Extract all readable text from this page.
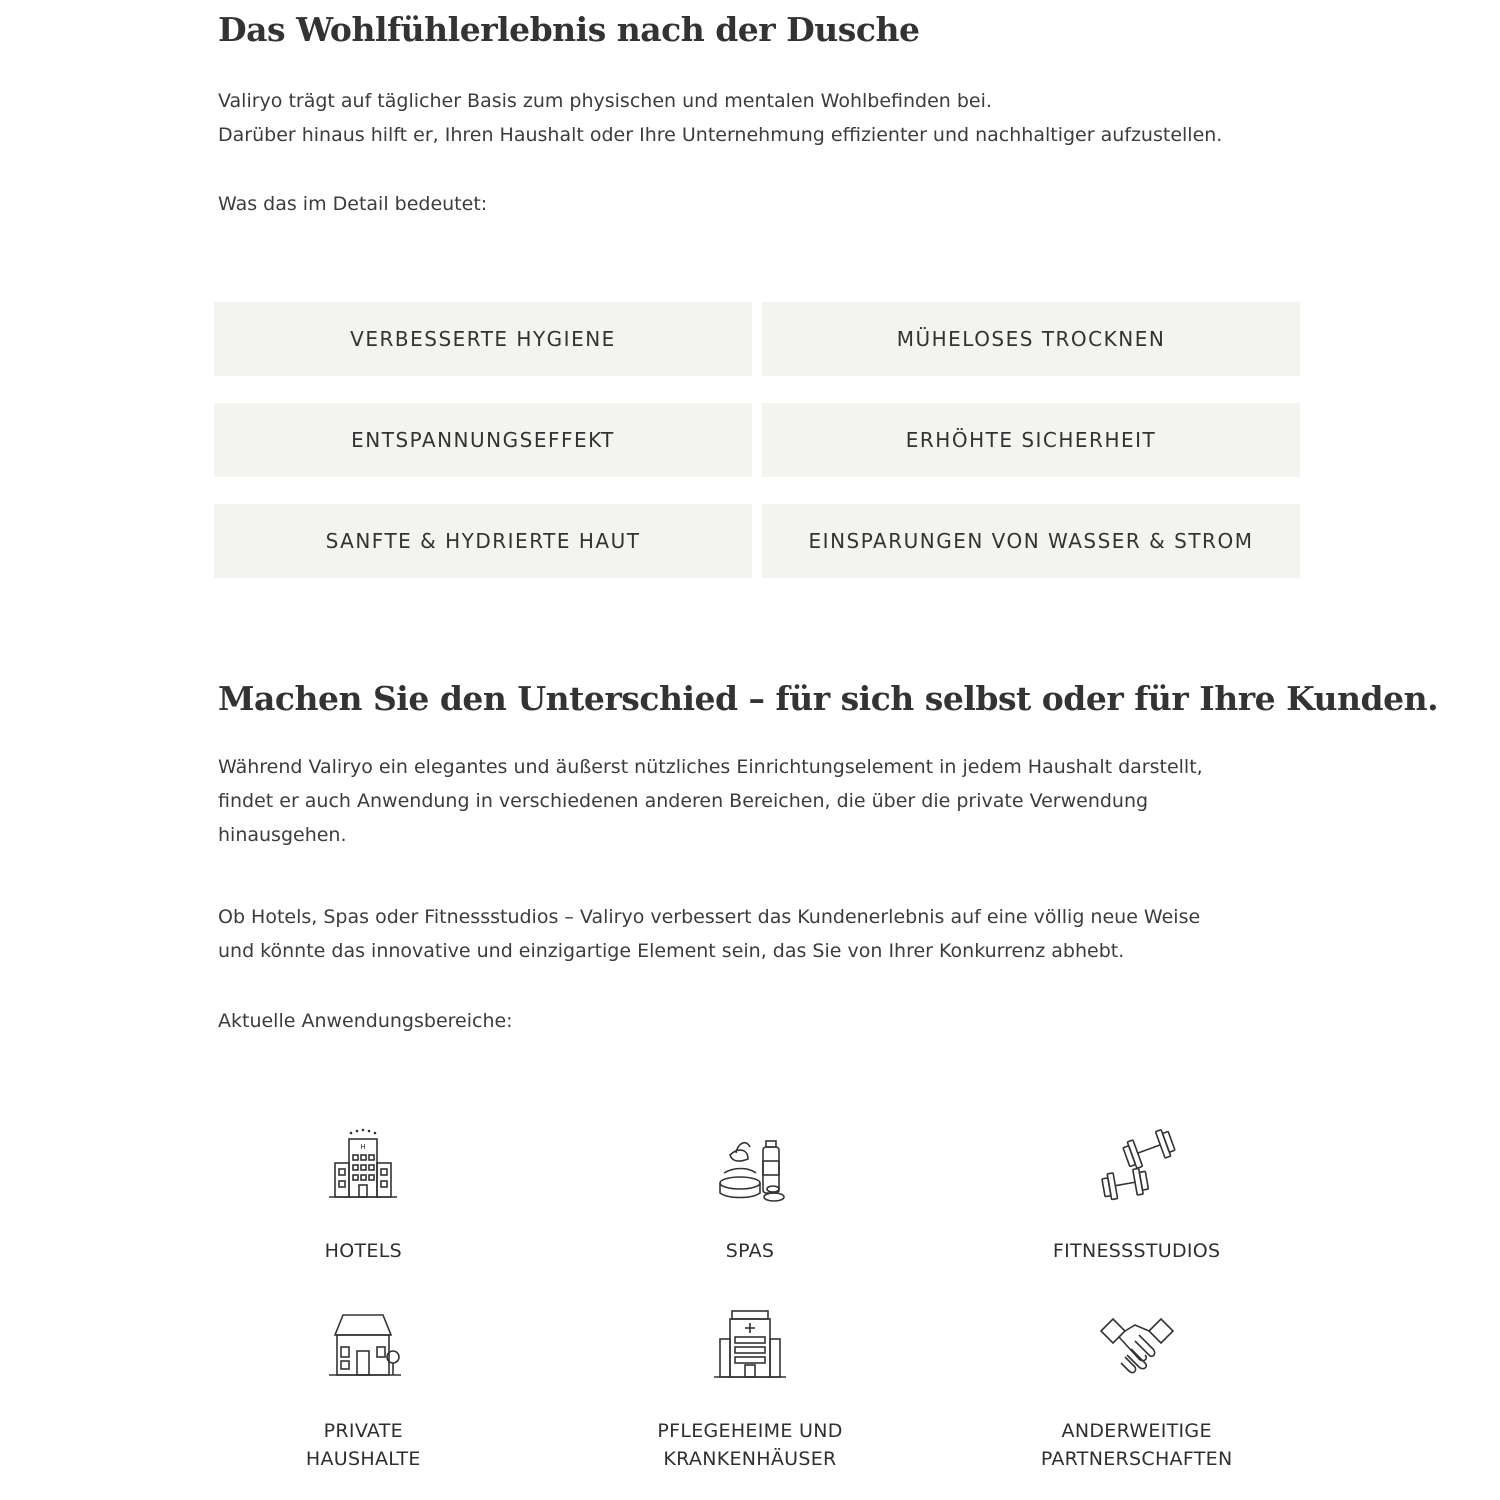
Das Wohlfühlerlebnis nach der Dusche

Valiryo trägt auf täglicher Basis zum physischen und mentalen Wohlbefinden bei.
Darüber hinaus hilft er, Ihren Haushalt oder Ihre Unternehmung effizienter und nachhaltiger aufzustellen.

Was das im Detail bedeutet:

VERBESSERTE HYGIENE	MÜHELOSES TROCKNEN
ENTSPANNUNGSEFFEKT	ERHÖHTE SICHERHEIT
SANFTE & HYDRIERTE HAUT	EINSPARUNGEN VON WASSER & STROM
Machen Sie den Unterschied – für sich selbst oder für Ihre Kunden.

Während Valiryo ein elegantes und äußerst nützliches Einrichtungselement in jedem Haushalt darstellt,
findet er auch Anwendung in verschiedenen anderen Bereichen, die über die private Verwendung
hinausgehen.

Ob Hotels, Spas oder Fitnessstudios – Valiryo verbessert das Kundenerlebnis auf eine völlig neue Weise
und könnte das innovative und einzigartige Element sein, das Sie von Ihrer Konkurrenz abhebt.

Aktuelle Anwendungsbereiche:

H
HOTELS	SPAS	FITNESSSTUDIOS
PRIVATE
HAUSHALTE
PFLEGEHEIME UND
KRANKENHÄUSER
ANDERWEITIGE
PARTNERSCHAFTEN
